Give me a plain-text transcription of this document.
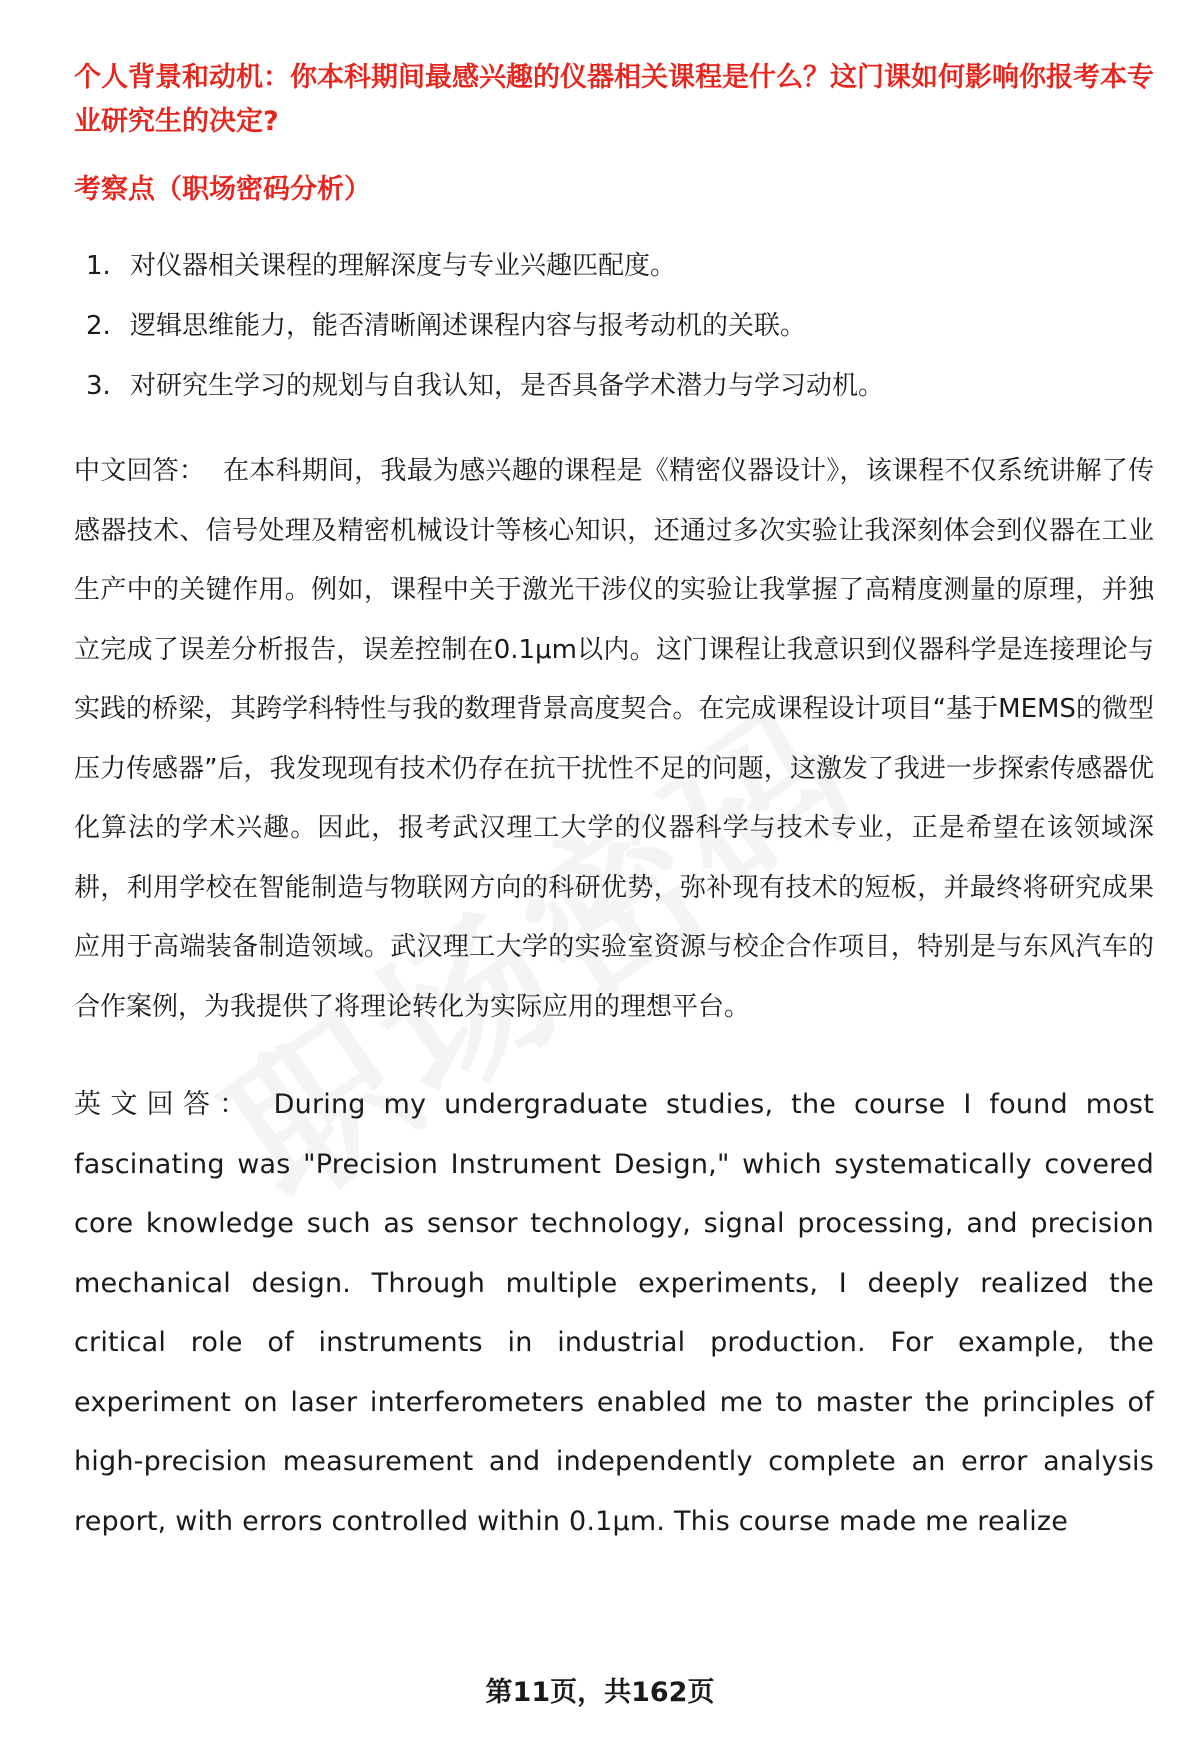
个人背景和动机：你本科期间最感兴趣的仪器相关课程是什么？这门课如何影响你报考本专业研究生的决定?

考察点（职场密码分析）
1. 对仪器相关课程的理解深度与专业兴趣匹配度。
2. 逻辑思维能力，能否清晰阐述课程内容与报考动机的关联。
3. 对研究生学习的规划与自我认知，是否具备学术潜力与学习动机。

中文回答： 在本科期间，我最为感兴趣的课程是《精密仪器设计》，该课程不仅系统讲解了传感器技术、信号处理及精密机械设计等核心知识，还通过多次实验让我深刻体会到仪器在工业生产中的关键作用。例如，课程中关于激光干涉仪的实验让我掌握了高精度测量的原理，并独立完成了误差分析报告，误差控制在0.1μm以内。这门课程让我意识到仪器科学是连接理论与实践的桥梁，其跨学科特性与我的数理背景高度契合。在完成课程设计项目“基于MEMS的微型压力传感器”后，我发现现有技术仍存在抗干扰性不足的问题，这激发了我进一步探索传感器优化算法的学术兴趣。因此，报考武汉理工大学的仪器科学与技术专业，正是希望在该领域深耕，利用学校在智能制造与物联网方向的科研优势，弥补现有技术的短板，并最终将研究成果应用于高端装备制造领域。武汉理工大学的实验室资源与校企合作项目，特别是与东风汽车的合作案例，为我提供了将理论转化为实际应用的理想平台。

英文回答： During my undergraduate studies, the course I found most fascinating was "Precision Instrument Design," which systematically covered core knowledge such as sensor technology, signal processing, and precision mechanical design. Through multiple experiments, I deeply realized the critical role of instruments in industrial production. For example, the experiment on laser interferometers enabled me to master the principles of high-precision measurement and independently complete an error analysis report, with errors controlled within 0.1μm. This course made me realize

第11页，共162页
